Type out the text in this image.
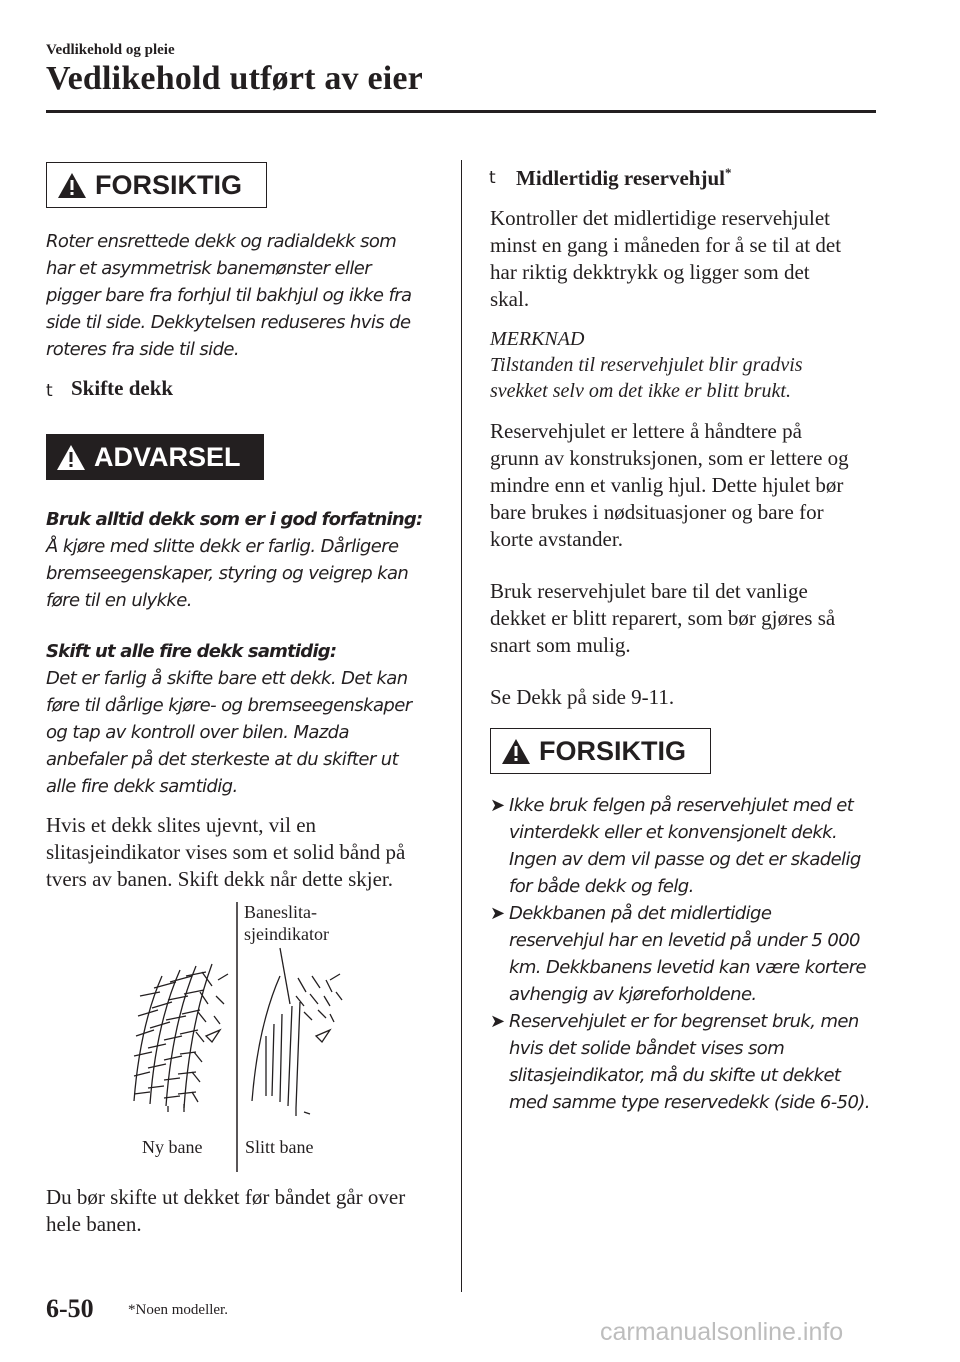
Vedlikehold og pleie
Vedlikehold utført av eier
FORSIKTIG
Roter ensrettede dekk og radialdekk som
har et asymmetrisk banemønster eller
pigger bare fra forhjul til bakhjul og ikke fra
side til side. Dekkytelsen reduseres hvis de
roteres fra side til side.
t Skifte dekk
ADVARSEL
Bruk alltid dekk som er i god forfatning:
Å kjøre med slitte dekk er farlig. Dårligere
bremseegenskaper, styring og veigrep kan
føre til en ulykke.
Skift ut alle fire dekk samtidig:
Det er farlig å skifte bare ett dekk. Det kan
føre til dårlige kjøre- og bremseegenskaper
og tap av kontroll over bilen. Mazda
anbefaler på det sterkeste at du skifter ut
alle fire dekk samtidig.
Hvis et dekk slites ujevnt, vil en
slitasjeindikator vises som et solid bånd på
tvers av banen. Skift dekk når dette skjer.
Baneslita-
sjeindikator
Ny bane Slitt bane
Du bør skifte ut dekket før båndet går over
hele banen.
t Midlertidig reservehjul*
Kontroller det midlertidige reservehjulet
minst en gang i måneden for å se til at det
har riktig dekktrykk og ligger som det
skal.
MERKNAD
Tilstanden til reservehjulet blir gradvis
svekket selv om det ikke er blitt brukt.
Reservehjulet er lettere å håndtere på
grunn av konstruksjonen, som er lettere og
mindre enn et vanlig hjul. Dette hjulet bør
bare brukes i nødsituasjoner og bare for
korte avstander.
Bruk reservehjulet bare til det vanlige
dekket er blitt reparert, som bør gjøres så
snart som mulig.
Se Dekk på side 9-11.
FORSIKTIG
➤ Ikke bruk felgen på reservehjulet med et
vinterdekk eller et konvensjonelt dekk.
Ingen av dem vil passe og det er skadelig
for både dekk og felg.
➤ Dekkbanen på det midlertidige
reservehjul har en levetid på under 5 000
km. Dekkbanens levetid kan være kortere
avhengig av kjøreforholdene.
➤ Reservehjulet er for begrenset bruk, men
hvis det solide båndet vises som
slitasjeindikator, må du skifte ut dekket
med samme type reservedekk (side 6-50).
6-50 *Noen modeller.
carmanualsonline.info
